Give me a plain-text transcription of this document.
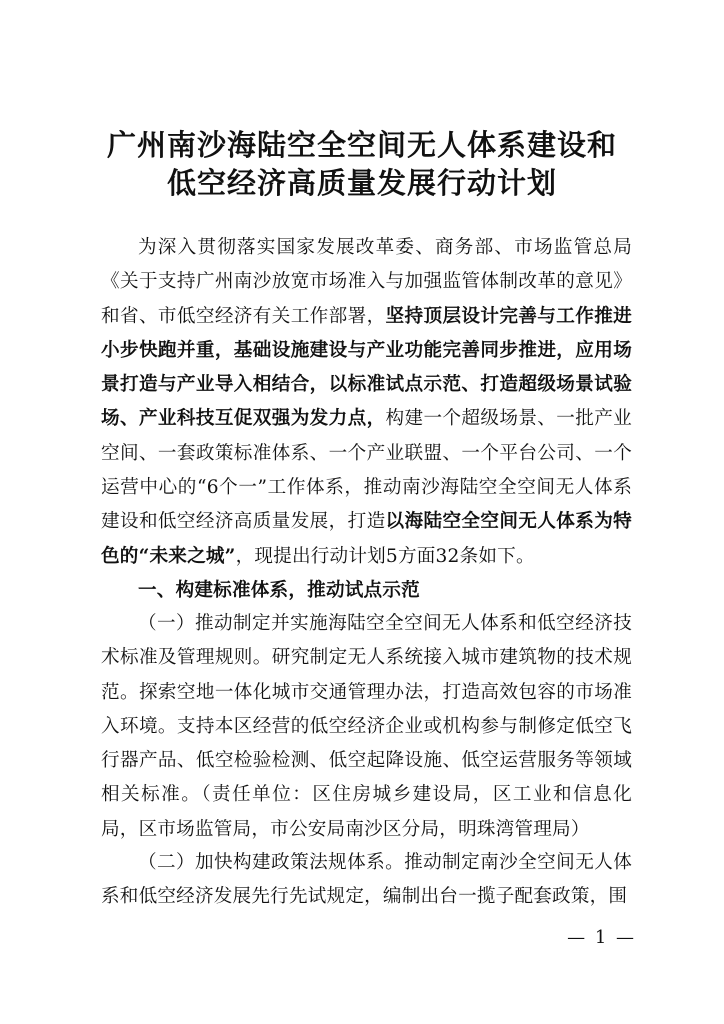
广州南沙海陆空全空间无人体系建设和
低空经济高质量发展行动计划
为深入贯彻落实国家发展改革委、商务部、市场监管总局《关于支持广州南沙放宽市场准入与加强监管体制改革的意见》和省、市低空经济有关工作部署，坚持顶层设计完善与工作推进小步快跑并重，基础设施建设与产业功能完善同步推进，应用场景打造与产业导入相结合，以标准试点示范、打造超级场景试验场、产业科技互促双强为发力点，构建一个超级场景、一批产业空间、一套政策标准体系、一个产业联盟、一个平台公司、一个运营中心的“6个一”工作体系，推动南沙海陆空全空间无人体系建设和低空经济高质量发展，打造以海陆空全空间无人体系为特色的“未来之城”，现提出行动计划5方面32条如下。
一、构建标准体系，推动试点示范
（一）推动制定并实施海陆空全空间无人体系和低空经济技术标准及管理规则。研究制定无人系统接入城市建筑物的技术规范。探索空地一体化城市交通管理办法，打造高效包容的市场准入环境。支持本区经营的低空经济企业或机构参与制修定低空飞行器产品、低空检验检测、低空起降设施、低空运营服务等领域相关标准。（责任单位：区住房城乡建设局，区工业和信息化局，区市场监管局，市公安局南沙区分局，明珠湾管理局）
（二）加快构建政策法规体系。推动制定南沙全空间无人体系和低空经济发展先行先试规定，编制出台一揽子配套政策，围
— 1 —
